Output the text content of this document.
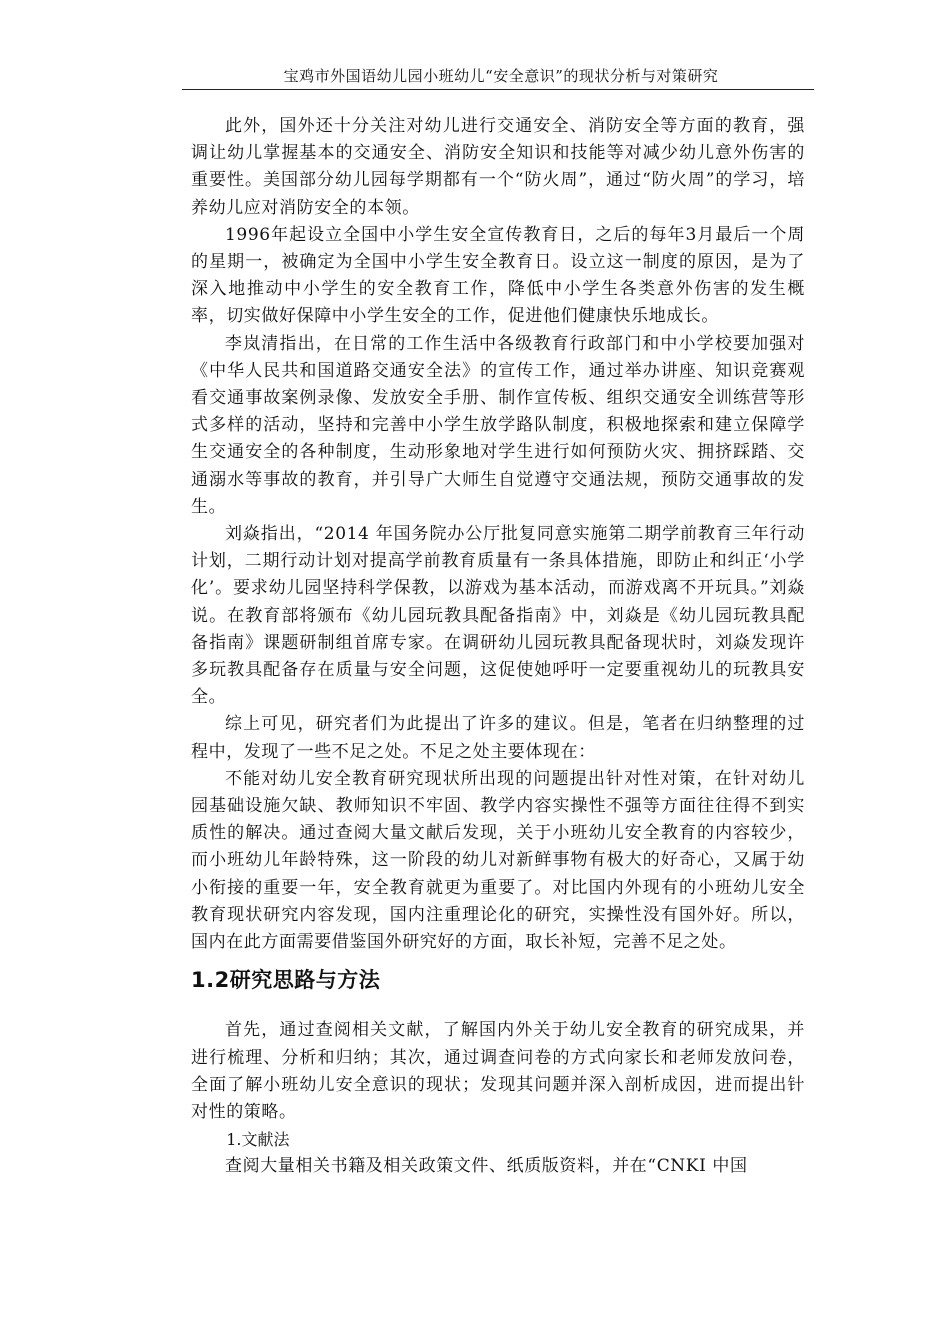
宝鸡市外国语幼儿园小班幼儿“安全意识”的现状分析与对策研究

此外，国外还十分关注对幼儿进行交通安全、消防安全等方面的教育，强调让幼儿掌握基本的交通安全、消防安全知识和技能等对减少幼儿意外伤害的重要性。美国部分幼儿园每学期都有一个“防火周”，通过“防火周”的学习，培养幼儿应对消防安全的本领。

1996年起设立全国中小学生安全宣传教育日，之后的每年3月最后一个周的星期一，被确定为全国中小学生安全教育日。设立这一制度的原因，是为了深入地推动中小学生的安全教育工作，降低中小学生各类意外伤害的发生概率，切实做好保障中小学生安全的工作，促进他们健康快乐地成长。

李岚清指出，在日常的工作生活中各级教育行政部门和中小学校要加强对《中华人民共和国道路交通安全法》的宣传工作，通过举办讲座、知识竞赛观看交通事故案例录像、发放安全手册、制作宣传板、组织交通安全训练营等形式多样的活动，坚持和完善中小学生放学路队制度，积极地探索和建立保障学生交通安全的各种制度，生动形象地对学生进行如何预防火灾、拥挤踩踏、交通溺水等事故的教育，并引导广大师生自觉遵守交通法规，预防交通事故的发生。

刘焱指出，“2014 年国务院办公厅批复同意实施第二期学前教育三年行动计划，二期行动计划对提高学前教育质量有一条具体措施，即防止和纠正‘小学化’。要求幼儿园坚持科学保教，以游戏为基本活动，而游戏离不开玩具。”刘焱说。在教育部将颁布《幼儿园玩教具配备指南》中，刘焱是《幼儿园玩教具配备指南》课题研制组首席专家。在调研幼儿园玩教具配备现状时，刘焱发现许多玩教具配备存在质量与安全问题，这促使她呼吁一定要重视幼儿的玩教具安全。

综上可见，研究者们为此提出了许多的建议。但是，笔者在归纳整理的过程中，发现了一些不足之处。不足之处主要体现在：

不能对幼儿安全教育研究现状所出现的问题提出针对性对策，在针对幼儿园基础设施欠缺、教师知识不牢固、教学内容实操性不强等方面往往得不到实质性的解决。通过查阅大量文献后发现，关于小班幼儿安全教育的内容较少，而小班幼儿年龄特殊，这一阶段的幼儿对新鲜事物有极大的好奇心，又属于幼小衔接的重要一年，安全教育就更为重要了。对比国内外现有的小班幼儿安全教育现状研究内容发现，国内注重理论化的研究，实操性没有国外好。所以，国内在此方面需要借鉴国外研究好的方面，取长补短，完善不足之处。

1.2研究思路与方法

首先，通过查阅相关文献，了解国内外关于幼儿安全教育的研究成果，并进行梳理、分析和归纳；其次，通过调查问卷的方式向家长和老师发放问卷，全面了解小班幼儿安全意识的现状；发现其问题并深入剖析成因，进而提出针对性的策略。

1.文献法

查阅大量相关书籍及相关政策文件、纸质版资料，并在“CNKI 中国
